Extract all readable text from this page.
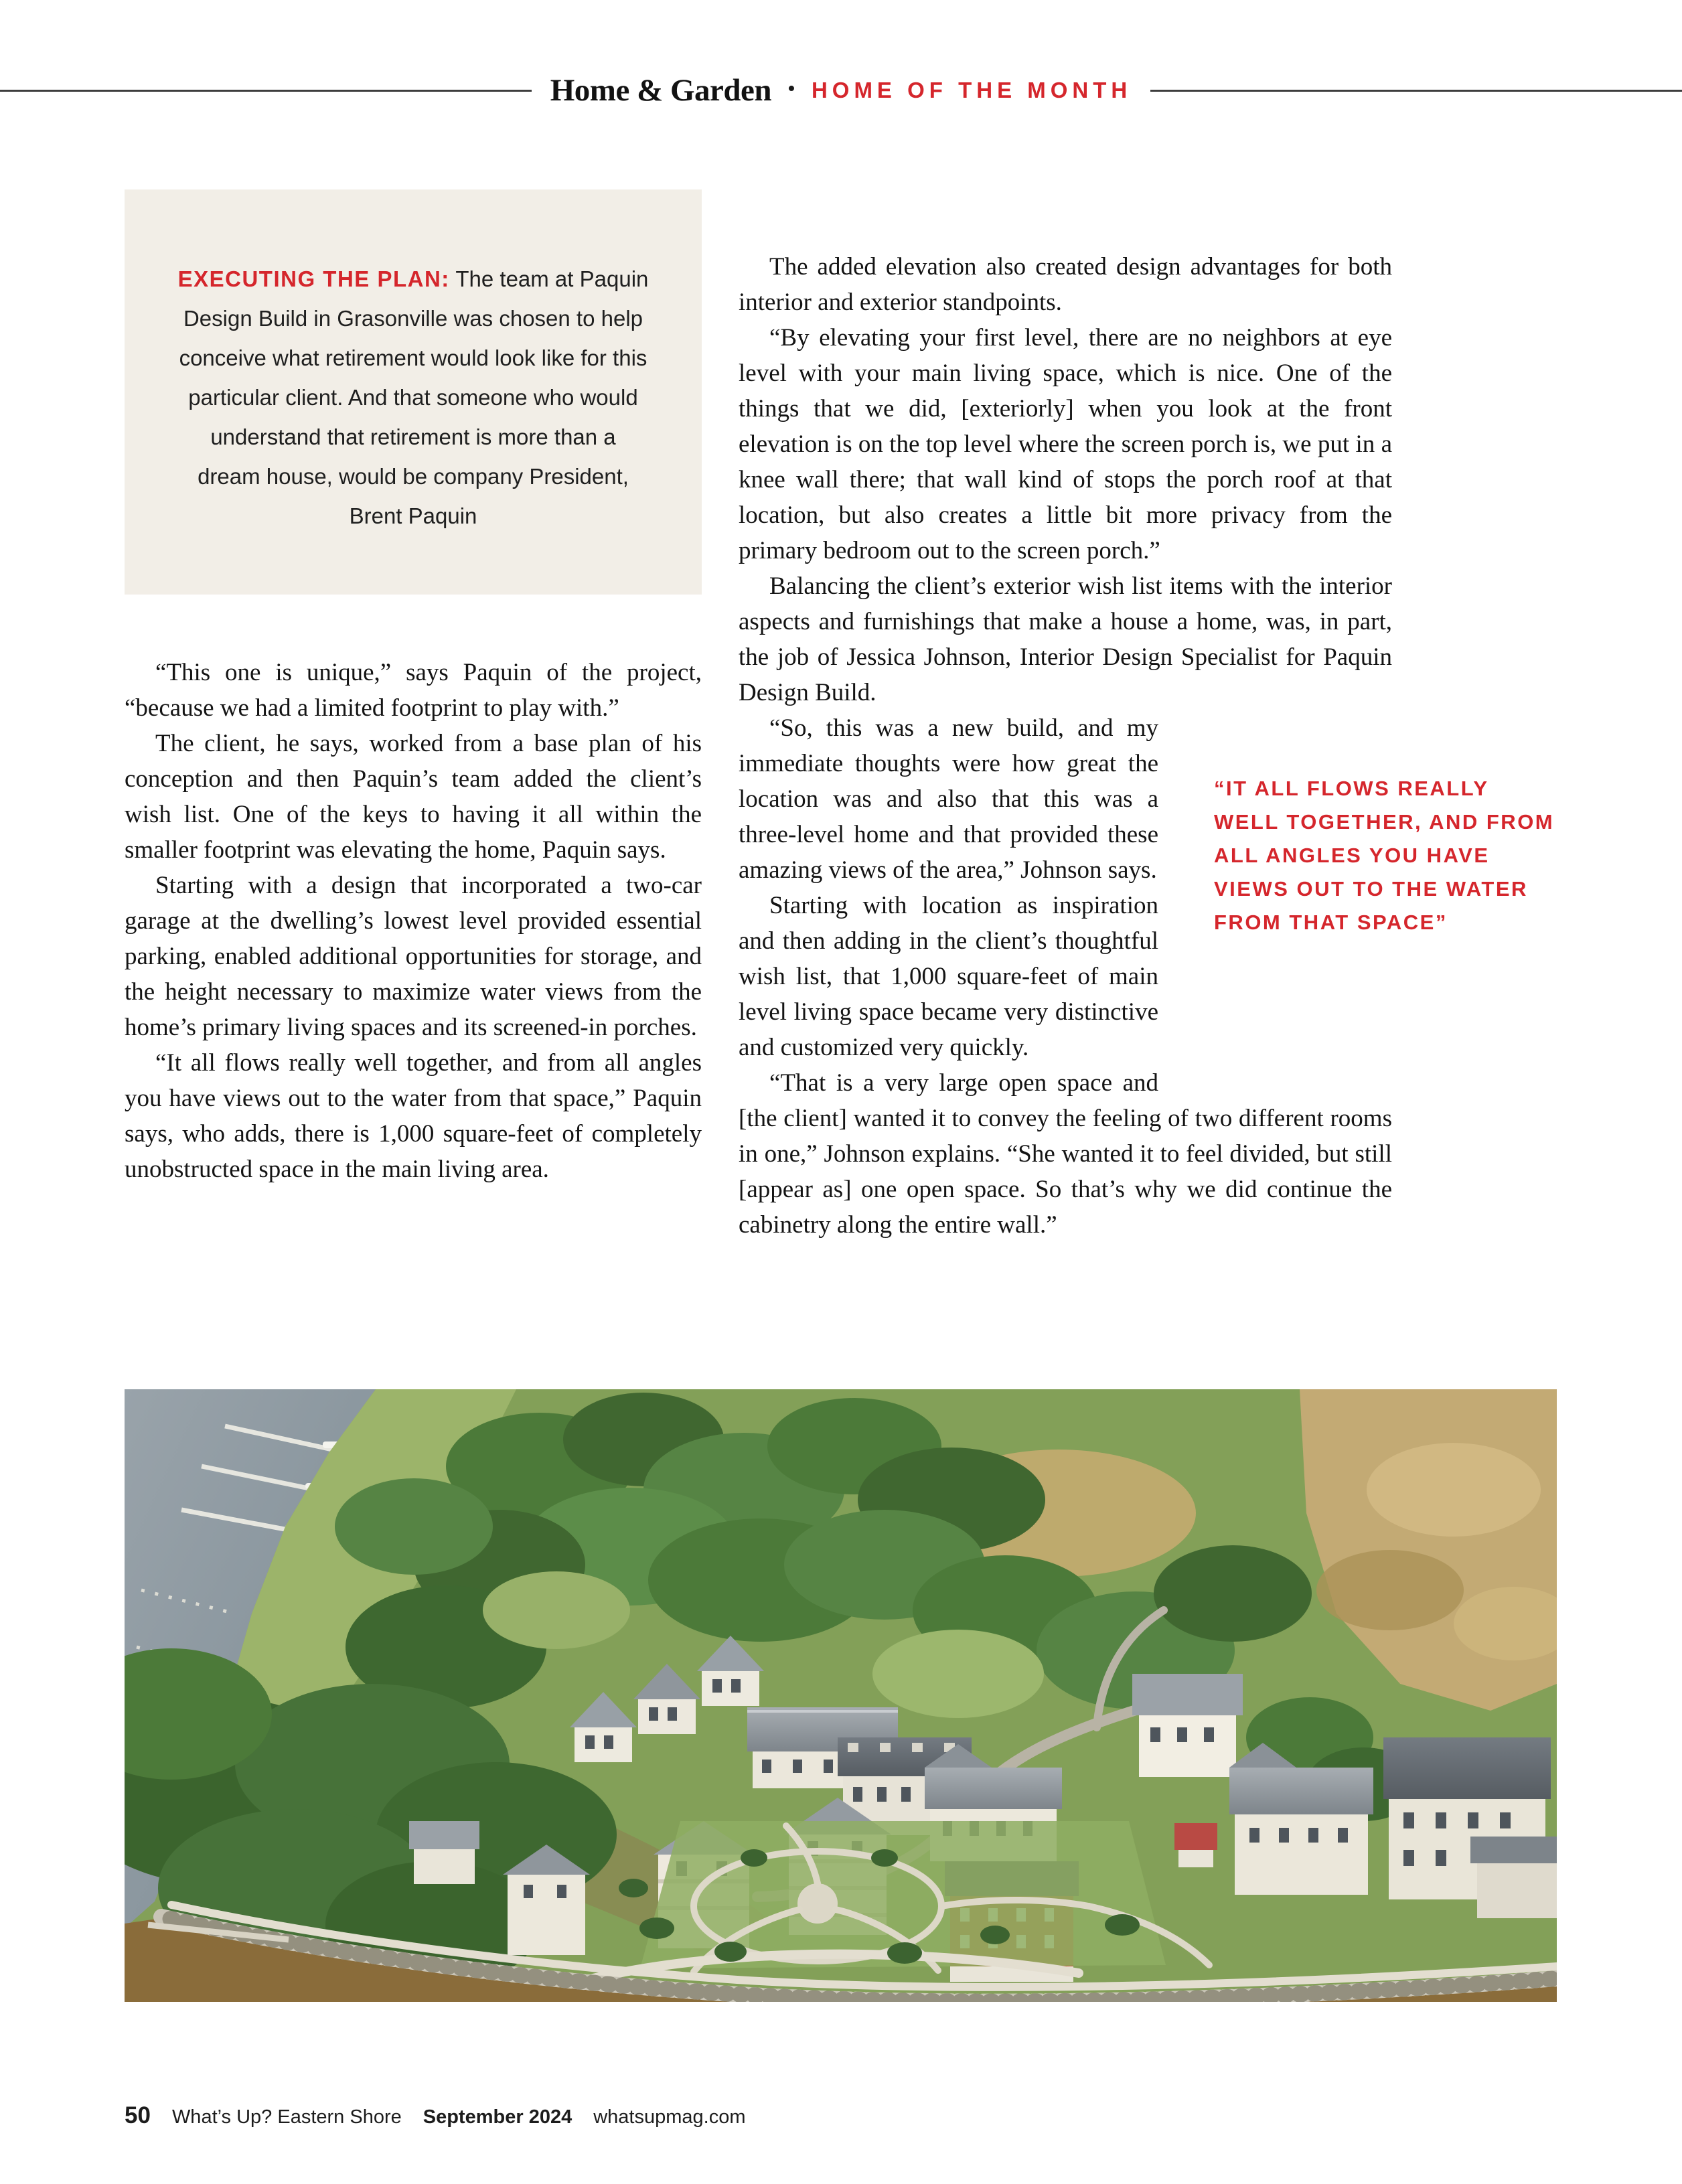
Home & Garden • HOME OF THE MONTH
EXECUTING THE PLAN: The team at Paquin Design Build in Grasonville was chosen to help conceive what retirement would look like for this particular client. And that someone who would understand that retirement is more than a dream house, would be company President, Brent Paquin

“This one is unique,” says Paquin of the project, “because we had a limited footprint to play with.”

The client, he says, worked from a base plan of his conception and then Paquin’s team added the client’s wish list. One of the keys to having it all within the smaller footprint was elevating the home, Paquin says.

Starting with a design that incorporated a two-car garage at the dwelling’s lowest level provided essential parking, enabled additional opportunities for storage, and the height necessary to maximize water views from the home’s primary living spaces and its screened-in porches.

“It all flows really well together, and from all angles you have views out to the water from that space,” Paquin says, who adds, there is 1,000 square-feet of completely unobstructed space in the main living area.

The added elevation also created design advantages for both interior and exterior standpoints.

“By elevating your first level, there are no neighbors at eye level with your main living space, which is nice. One of the things that we did, [exteriorly] when you look at the front elevation is on the top level where the screen porch is, we put in a knee wall there; that wall kind of stops the porch roof at that location, but also creates a little bit more privacy from the primary bedroom out to the screen porch.”

Balancing the client’s exterior wish list items with the interior aspects and furnishings that make a house a home, was, in part, the job of Jessica Johnson, Interior Design Specialist for Paquin Design Build.

“IT ALL FLOWS REALLY WELL TOGETHER, AND FROM ALL ANGLES YOU HAVE VIEWS OUT TO THE WATER FROM THAT SPACE”

“So, this was a new build, and my immediate thoughts were how great the location was and also that this was a three-level home and that provided these amazing views of the area,” Johnson says.

Starting with location as inspiration and then adding in the client’s thoughtful wish list, that 1,000 square-feet of main level living space became very distinctive and customized very quickly.

“That is a very large open space and [the client] wanted it to convey the feeling of two different rooms in one,” Johnson explains. “She wanted it to feel divided, but still [appear as] one open space. So that’s why we did continue the cabinetry along the entire wall.”

50 What’s Up? Eastern Shore September 2024 whatsupmag.com
